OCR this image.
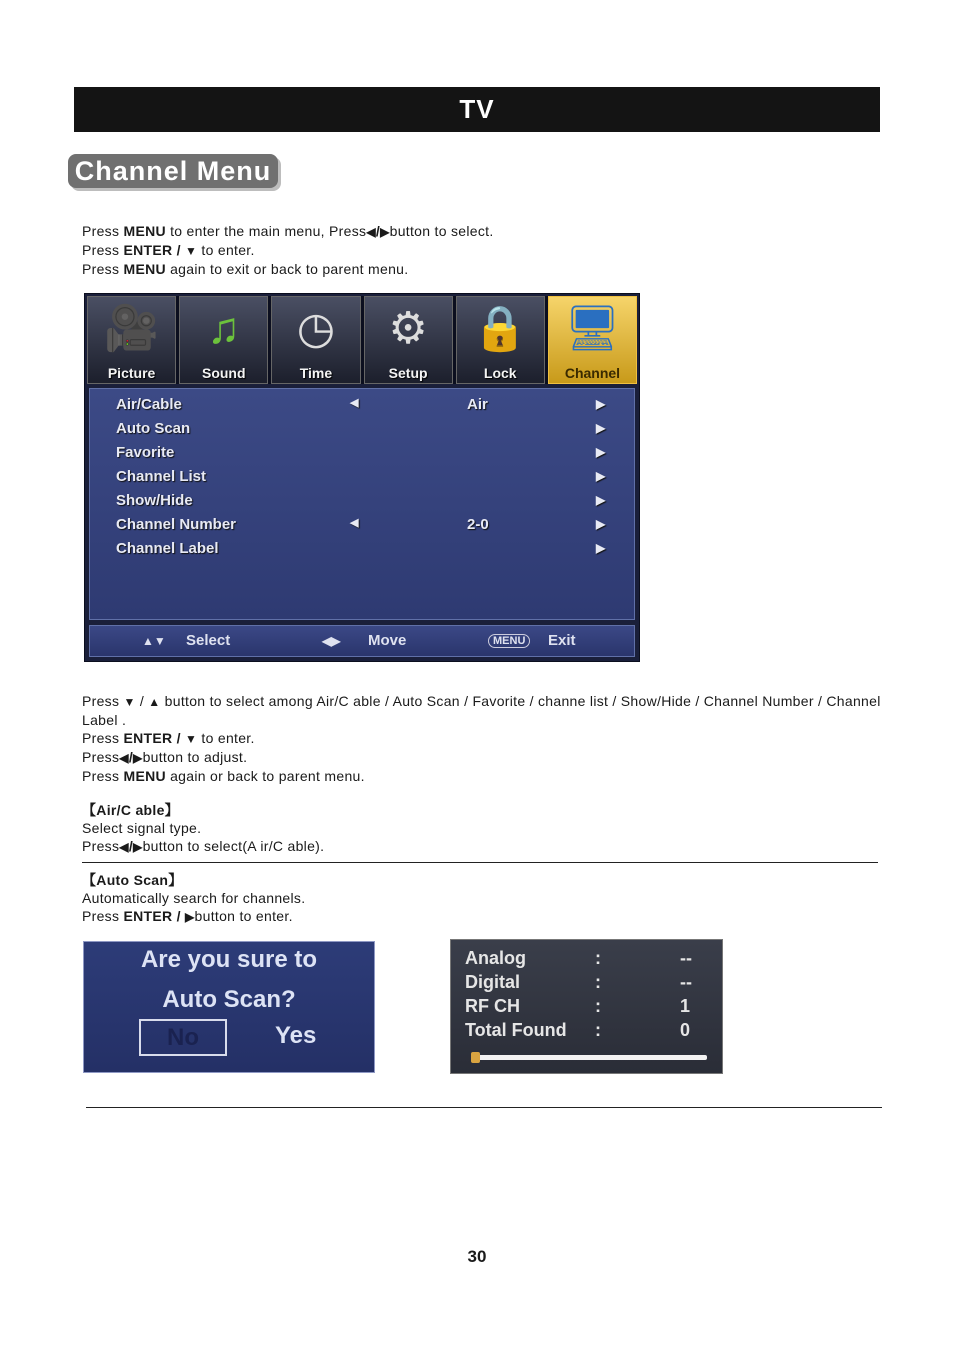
TV
Channel Menu
Press MENU to enter the main menu, Press◀/▶button to select.
Press ENTER / ▼ to enter.
Press MENU again to exit or back to parent menu.
🎥
Picture
♫
Sound
◷
Time
⚙
Setup
🔒
Lock
🖥
Channel
Air/Cable	◀	Air	▶
Auto Scan	▶
Favorite	▶
Channel List	▶
Show/Hide	▶
Channel Number	◀	2-0	▶
Channel Label	▶
▲▼ Select	◀▶ Move	MENU	Exit
Press ▼ / ▲ button to select among Air/C able / Auto Scan / Favorite / channe list / Show/Hide / Channel Number / Channel
Label .
Press ENTER / ▼ to enter.
Press◀/▶button to adjust.
Press MENU again or back to parent menu.
【Air/C able】
Select signal type.
Press◀/▶button to select(A ir/C able).
【Auto Scan】
Automatically search for channels.
Press ENTER / ▶button to enter.
Are you sure to
Auto Scan?
No	Yes
Analog	:	--
Digital	:	--
RF CH	:	1
Total Found :	0
30
